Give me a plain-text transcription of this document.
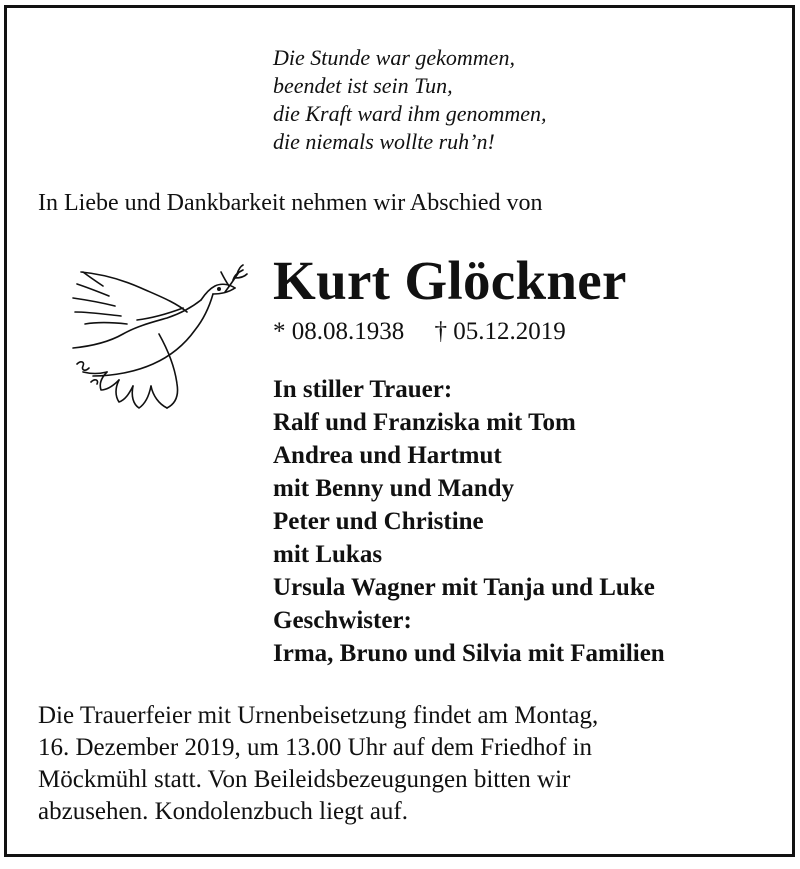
Die Stunde war gekommen,
beendet ist sein Tun,
die Kraft ward ihm genommen,
die niemals wollte ruh’n!
In Liebe und Dankbarkeit nehmen wir Abschied von
Kurt Glöckner
* 08.08.1938 † 05.12.2019
In stiller Trauer:
Ralf und Franziska mit Tom
Andrea und Hartmut
mit Benny und Mandy
Peter und Christine
mit Lukas
Ursula Wagner mit Tanja und Luke
Geschwister:
Irma, Bruno und Silvia mit Familien
Die Trauerfeier mit Urnenbeisetzung findet am Montag,
16. Dezember 2019, um 13.00 Uhr auf dem Friedhof in
Möckmühl statt. Von Beileidsbezeugungen bitten wir
abzusehen. Kondolenzbuch liegt auf.
